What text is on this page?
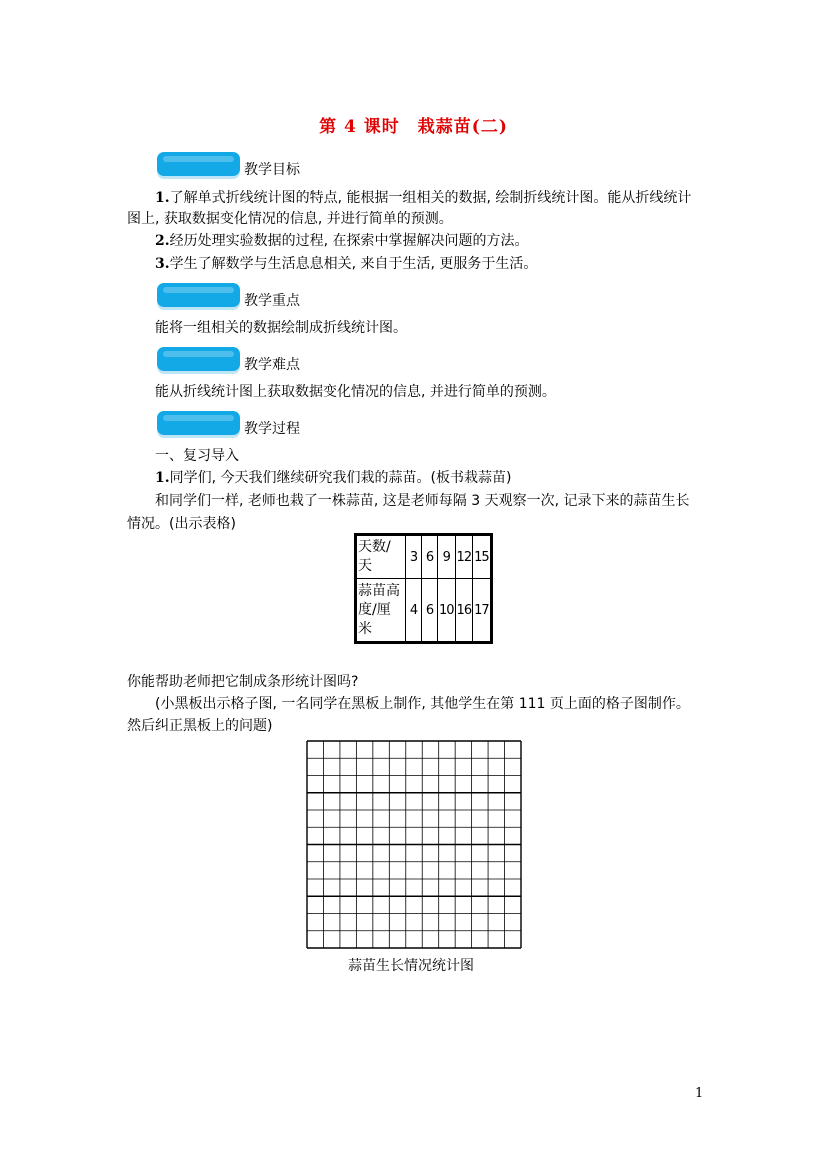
第 4 课时　栽蒜苗(二)
教学目标
1.了解单式折线统计图的特点, 能根据一组相关的数据, 绘制折线统计图。能从折线统计
图上, 获取数据变化情况的信息, 并进行简单的预测。
2.经历处理实验数据的过程, 在探索中掌握解决问题的方法。
3.学生了解数学与生活息息相关, 来自于生活, 更服务于生活。
教学重点
能将一组相关的数据绘制成折线统计图。
教学难点
能从折线统计图上获取数据变化情况的信息, 并进行简单的预测。
教学过程
一、复习导入
1.同学们, 今天我们继续研究我们栽的蒜苗。(板书栽蒜苗)
和同学们一样, 老师也栽了一株蒜苗, 这是老师每隔 3 天观察一次, 记录下来的蒜苗生长
情况。(出示表格)
天数/天	3	6	9	12	15
蒜苗高度/厘米	4	6	10	16	17
你能帮助老师把它制成条形统计图吗?
(小黑板出示格子图, 一名同学在黑板上制作, 其他学生在第 111 页上面的格子图制作。
然后纠正黑板上的问题)
蒜苗生长情况统计图
1
